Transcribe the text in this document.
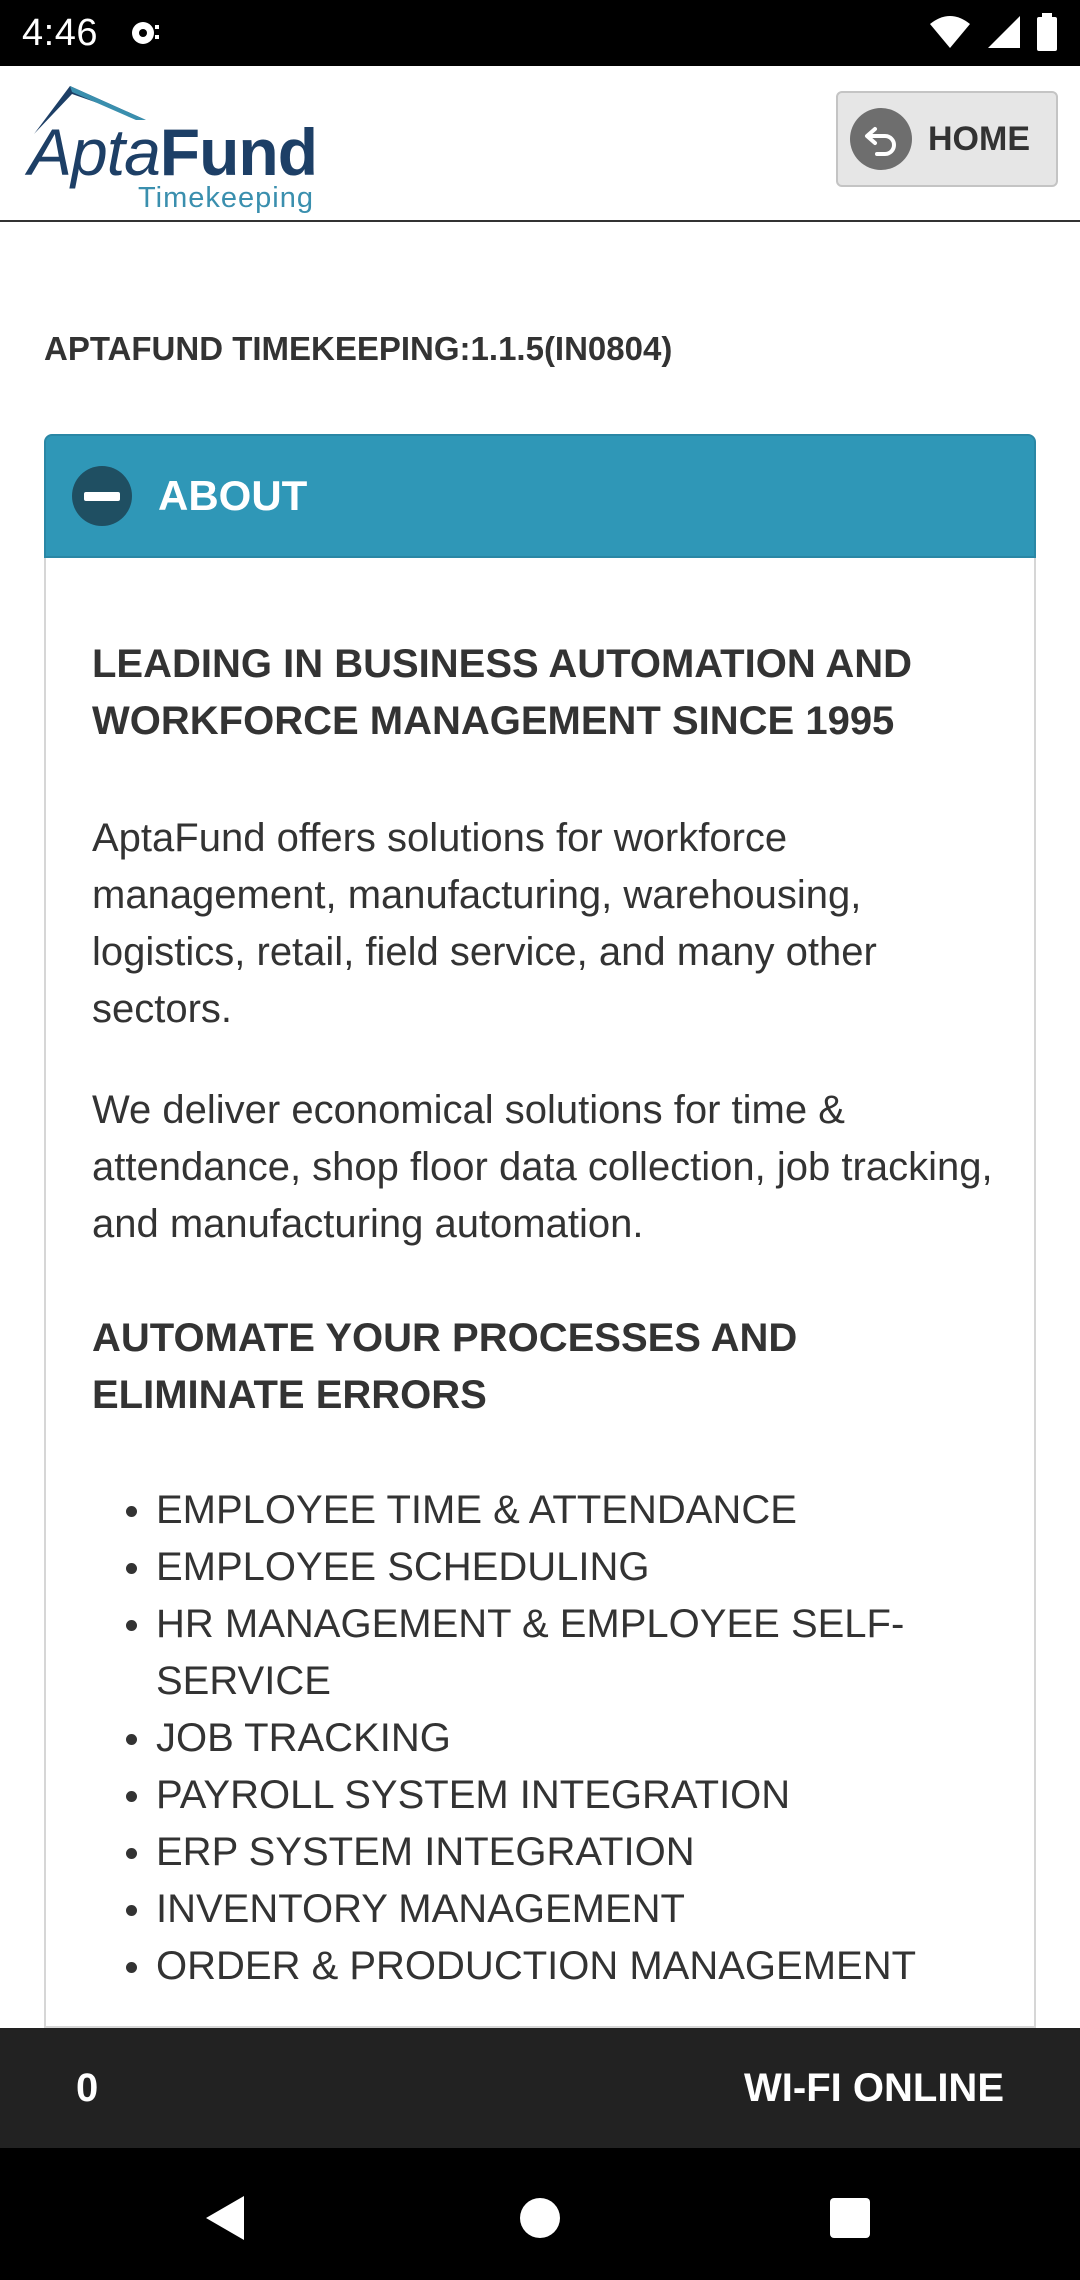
4:46
AptaFund
Timekeeping
HOME
APTAFUND TIMEKEEPING:1.1.5(IN0804)
ABOUT
LEADING IN BUSINESS AUTOMATION AND WORKFORCE MANAGEMENT SINCE 1995
AptaFund offers solutions for workforce management, manufacturing, warehousing, logistics, retail, field service, and many other sectors.
We deliver economical solutions for time & attendance, shop floor data collection, job tracking, and manufacturing automation.
AUTOMATE YOUR PROCESSES AND ELIMINATE ERRORS
EMPLOYEE TIME & ATTENDANCE
EMPLOYEE SCHEDULING
HR MANAGEMENT & EMPLOYEE SELF-SERVICE
JOB TRACKING
PAYROLL SYSTEM INTEGRATION
ERP SYSTEM INTEGRATION
INVENTORY MANAGEMENT
ORDER & PRODUCTION MANAGEMENT
0	WI-FI ONLINE
